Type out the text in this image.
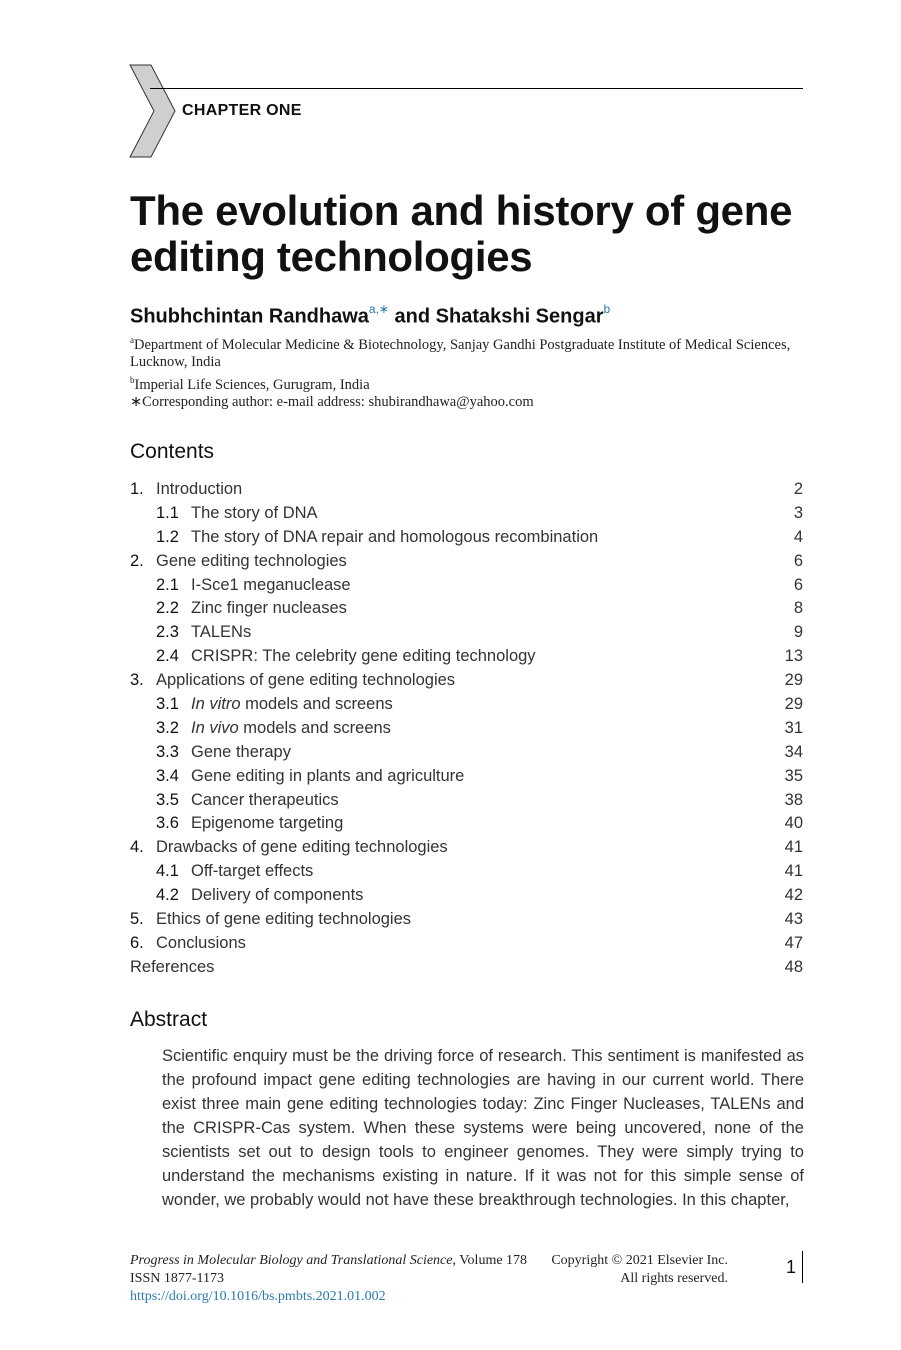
CHAPTER ONE
The evolution and history of gene editing technologies
Shubhchintan Randhawa$^{a,∗}$ and Shatakshi Sengar$^b$
$^a$Department of Molecular Medicine & Biotechnology, Sanjay Gandhi Postgraduate Institute of Medical Sciences, Lucknow, India
$^b$Imperial Life Sciences, Gurugram, India
∗Corresponding author: e-mail address: shubirandhawa@yahoo.com
Contents
1. Introduction	2
1.1 The story of DNA	3
1.2 The story of DNA repair and homologous recombination	4
2. Gene editing technologies	6
2.1 I-Sce1 meganuclease	6
2.2 Zinc finger nucleases	8
2.3 TALENs	9
2.4 CRISPR: The celebrity gene editing technology	13
3. Applications of gene editing technologies	29
3.1 In vitro models and screens	29
3.2 In vivo models and screens	31
3.3 Gene therapy	34
3.4 Gene editing in plants and agriculture	35
3.5 Cancer therapeutics	38
3.6 Epigenome targeting	40
4. Drawbacks of gene editing technologies	41
4.1 Off-target effects	41
4.2 Delivery of components	42
5. Ethics of gene editing technologies	43
6. Conclusions	47
References	48
Abstract

Scientific enquiry must be the driving force of research. This sentiment is manifested as the profound impact gene editing technologies are having in our current world. There exist three main gene editing technologies today: Zinc Finger Nucleases, TALENs and the CRISPR-Cas system. When these systems were being uncovered, none of the scientists set out to design tools to engineer genomes. They were simply trying to understand the mechanisms existing in nature. If it was not for this simple sense of wonder, we probably would not have these breakthrough technologies. In this chapter,

Progress in Molecular Biology and Translational Science, Volume 178
ISSN 1877-1173
https://doi.org/10.1016/bs.pmbts.2021.01.002
Copyright © 2021 Elsevier Inc.
All rights reserved.
1
